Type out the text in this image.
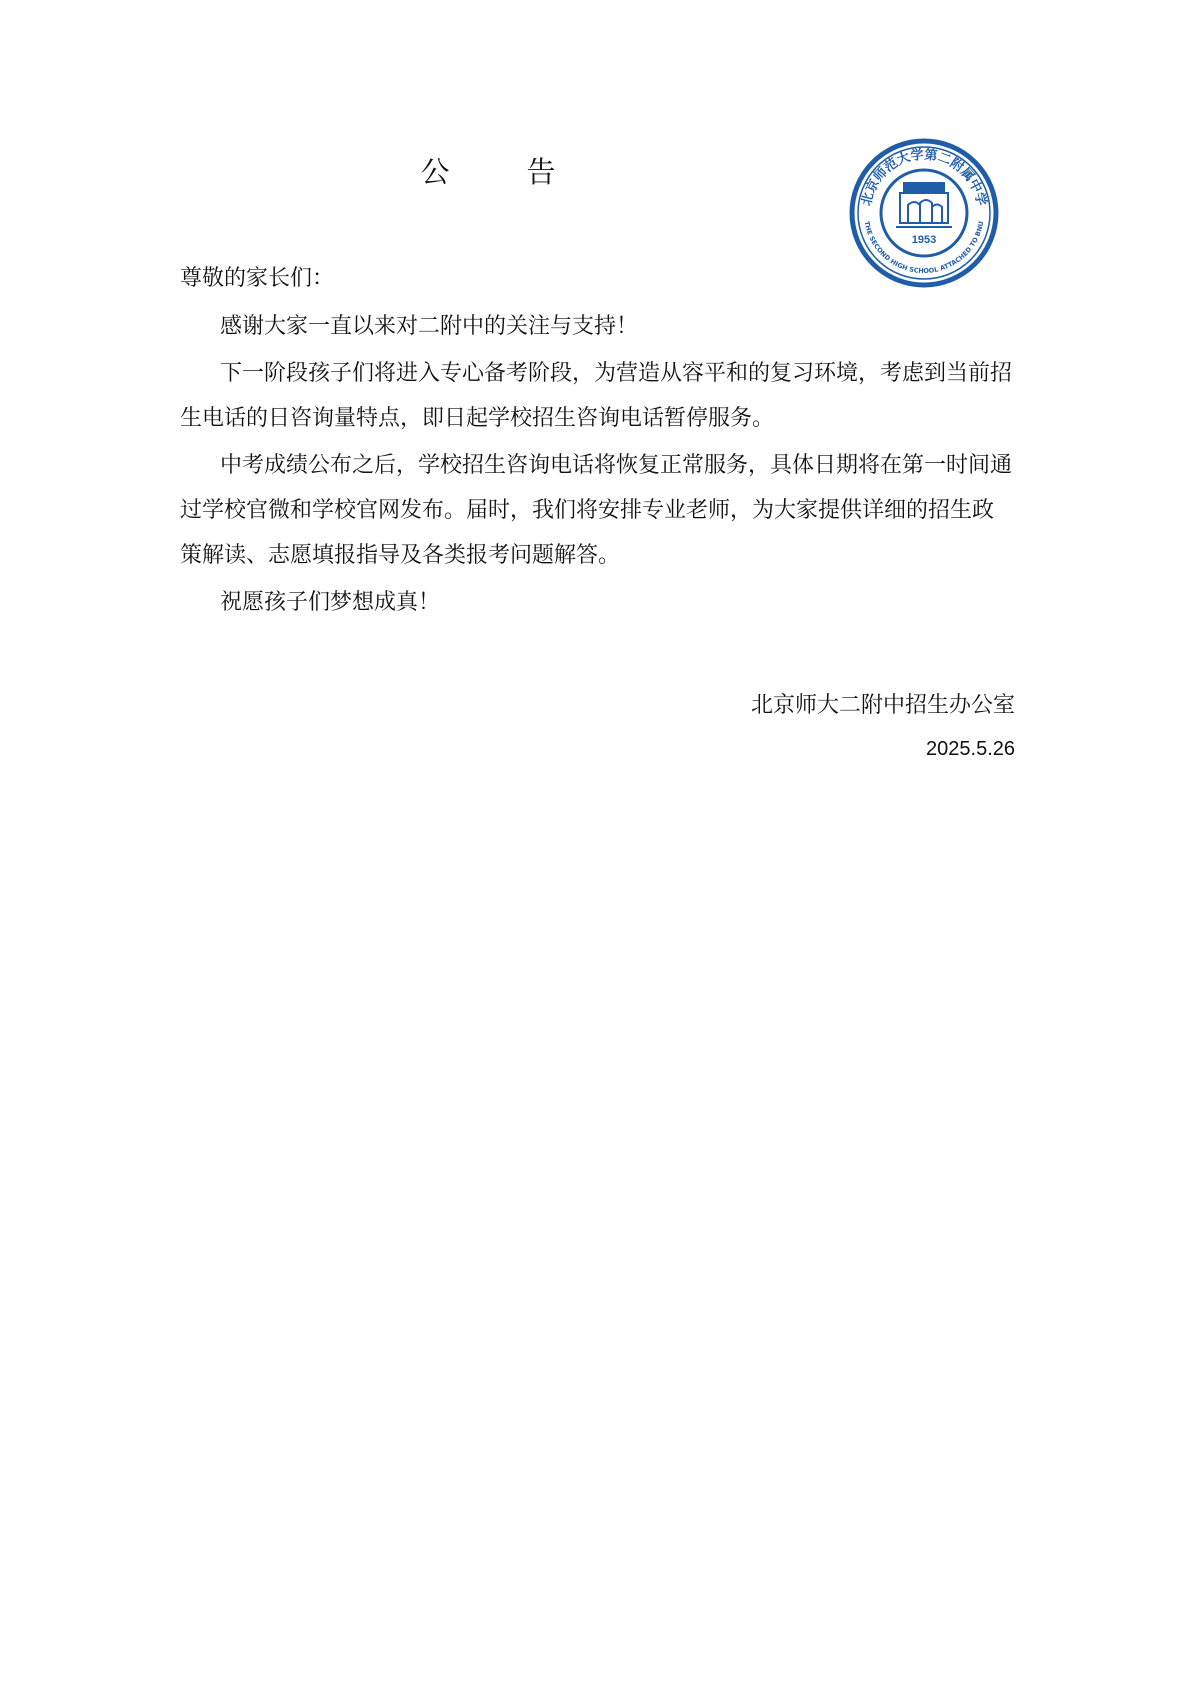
公　告
北京师范大学第二附属中学
THE SECOND HIGH SCHOOL ATTACHED TO BNU
1953

尊敬的家长们：

感谢大家一直以来对二附中的关注与支持！

下一阶段孩子们将进入专心备考阶段，为营造从容平和的复习环境，考虑到当前招生电话的日咨询量特点，即日起学校招生咨询电话暂停服务。

中考成绩公布之后，学校招生咨询电话将恢复正常服务，具体日期将在第一时间通过学校官微和学校官网发布。届时，我们将安排专业老师，为大家提供详细的招生政策解读、志愿填报指导及各类报考问题解答。

祝愿孩子们梦想成真！

北京师大二附中招生办公室
2025.5.26
